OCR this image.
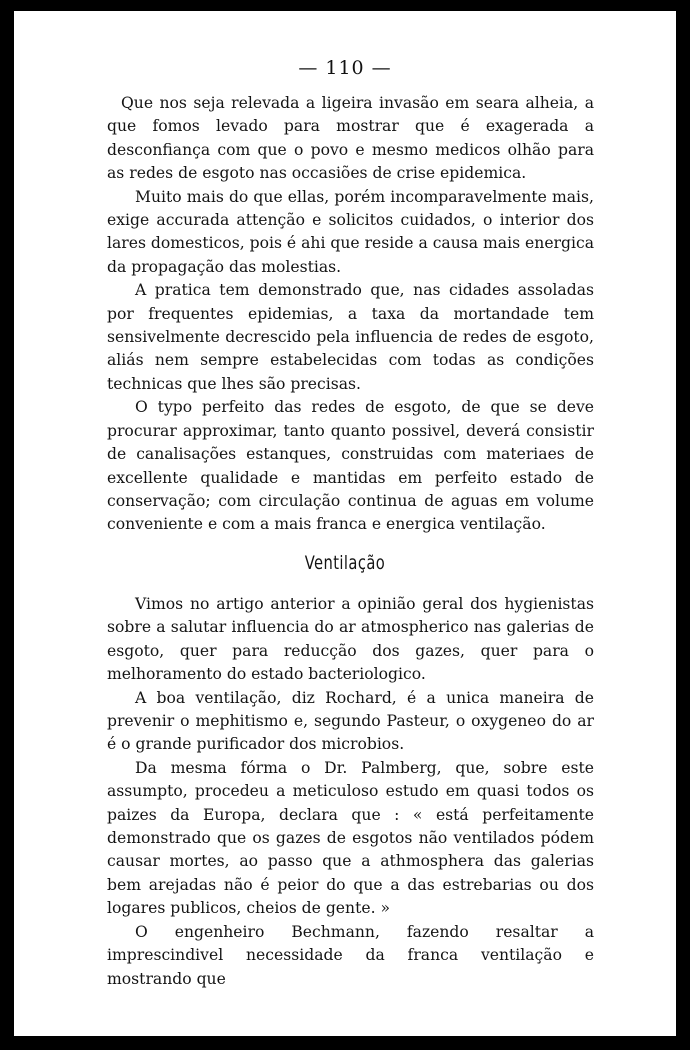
— 110 —

Que nos seja relevada a ligeira invasão em seara alheia, a que fomos levado para mostrar que é exagerada a desconfiança com que o povo e mesmo medicos olhão para as redes de esgoto nas occasiões de crise epidemica.

Muito mais do que ellas, porém incomparavelmente mais, exige accurada attenção e solicitos cuidados, o interior dos lares domesticos, pois é ahi que reside a causa mais energica da propagação das molestias.

A pratica tem demonstrado que, nas cidades assoladas por frequentes epidemias, a taxa da mortandade tem sensivelmente decrescido pela influencia de redes de esgoto, aliás nem sempre estabelecidas com todas as condições technicas que lhes são precisas.

O typo perfeito das redes de esgoto, de que se deve procurar approximar, tanto quanto possivel, deverá consistir de canalisações estanques, construidas com materiaes de excellente qualidade e mantidas em perfeito estado de conservação; com circulação continua de aguas em volume conveniente e com a mais franca e energica ventilação.

Ventilação

Vimos no artigo anterior a opinião geral dos hygienistas sobre a salutar influencia do ar atmospherico nas galerias de esgoto, quer para reducção dos gazes, quer para o melhoramento do estado bacteriologico.

A boa ventilação, diz Rochard, é a unica maneira de prevenir o mephitismo e, segundo Pasteur, o oxygeneo do ar é o grande purificador dos microbios.

Da mesma fórma o Dr. Palmberg, que, sobre este assumpto, procedeu a meticuloso estudo em quasi todos os paizes da Europa, declara que : « está perfeitamente demonstrado que os gazes de esgotos não ventilados pódem causar mortes, ao passo que a athmosphera das galerias bem arejadas não é peior do que a das estrebarias ou dos logares publicos, cheios de gente. »

O engenheiro Bechmann, fazendo resaltar a imprescindivel necessidade da franca ventilação e mostrando que
